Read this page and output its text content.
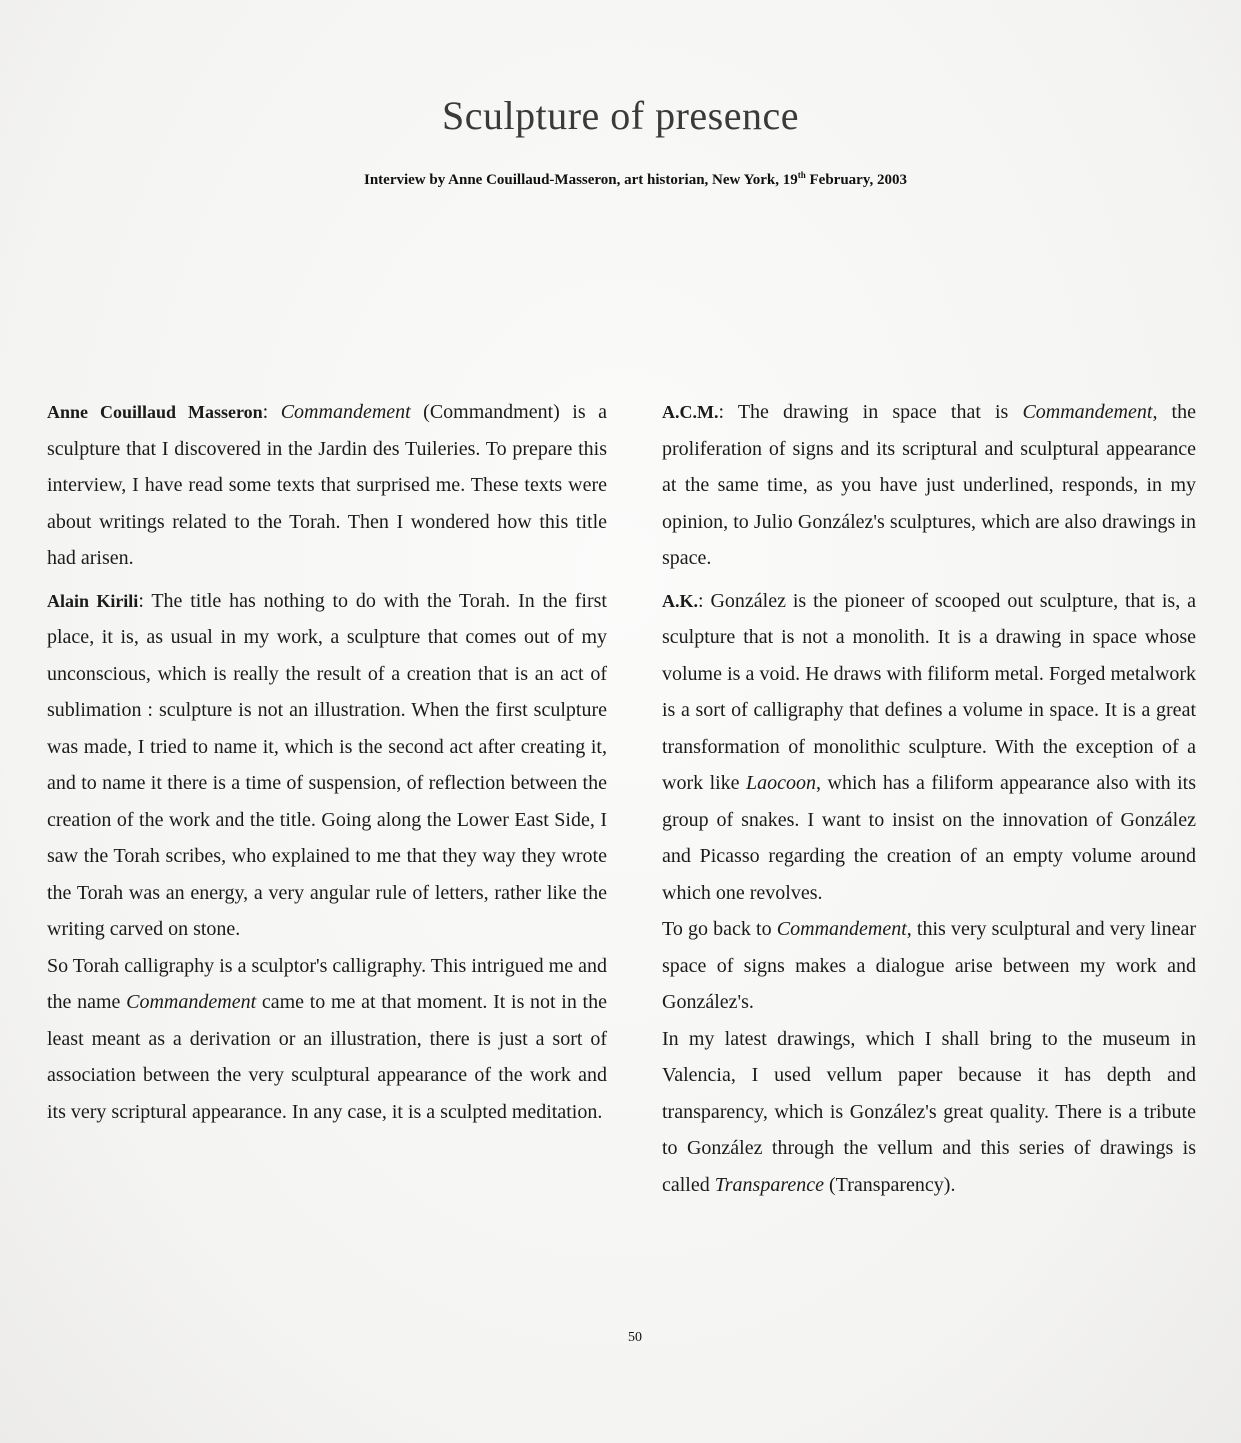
Sculpture of presence
Interview by Anne Couillaud-Masseron, art historian, New York, 19th February, 2003

Anne Couillaud Masseron: Commandement (Commandment) is a sculpture that I discovered in the Jardin des Tuileries. To prepare this interview, I have read some texts that surprised me. These texts were about writings related to the Torah. Then I wondered how this title had arisen.

Alain Kirili: The title has nothing to do with the Torah. In the first place, it is, as usual in my work, a sculpture that comes out of my unconscious, which is really the result of a creation that is an act of sublimation : sculpture is not an illustration. When the first sculpture was made, I tried to name it, which is the second act after creating it, and to name it there is a time of suspension, of reflection between the creation of the work and the title. Going along the Lower East Side, I saw the Torah scribes, who explained to me that they way they wrote the Torah was an energy, a very angular rule of letters, rather like the writing carved on stone.

So Torah calligraphy is a sculptor's calligraphy. This intrigued me and the name Commandement came to me at that moment. It is not in the least meant as a derivation or an illustration, there is just a sort of association between the very sculptural appearance of the work and its very scriptural appearance. In any case, it is a sculpted meditation.

A.C.M.: The drawing in space that is Commandement, the proliferation of signs and its scriptural and sculptural appearance at the same time, as you have just underlined, responds, in my opinion, to Julio González's sculptures, which are also drawings in space.

A.K.: González is the pioneer of scooped out sculpture, that is, a sculpture that is not a monolith. It is a drawing in space whose volume is a void. He draws with filiform metal. Forged metalwork is a sort of calligraphy that defines a volume in space. It is a great transformation of monolithic sculpture. With the exception of a work like Laocoon, which has a filiform appearance also with its group of snakes. I want to insist on the innovation of González and Picasso regarding the creation of an empty volume around which one revolves.

To go back to Commandement, this very sculptural and very linear space of signs makes a dialogue arise between my work and González's.

In my latest drawings, which I shall bring to the museum in Valencia, I used vellum paper because it has depth and transparency, which is González's great quality. There is a tribute to González through the vellum and this series of drawings is called Transparence (Transparency).

50
